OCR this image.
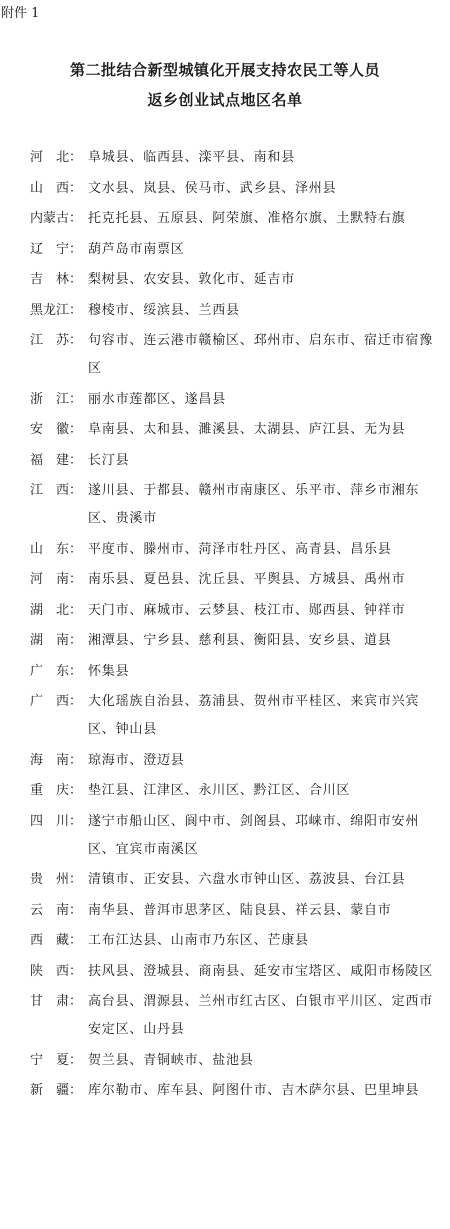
附件 1
第二批结合新型城镇化开展支持农民工等人员
返乡创业试点地区名单
河　北： 阜城县、临西县、滦平县、南和县
山　西： 文水县、岚县、侯马市、武乡县、泽州县
内蒙古： 托克托县、五原县、阿荣旗、准格尔旗、土默特右旗
辽　宁： 葫芦岛市南票区
吉　林： 梨树县、农安县、敦化市、延吉市
黑龙江： 穆棱市、绥滨县、兰西县
江　苏： 句容市、连云港市赣榆区、邳州市、启东市、宿迁市宿豫区
浙　江： 丽水市莲都区、遂昌县
安　徽： 阜南县、太和县、濉溪县、太湖县、庐江县、无为县
福　建： 长汀县
江　西： 遂川县、于都县、赣州市南康区、乐平市、萍乡市湘东区、贵溪市
山　东： 平度市、滕州市、菏泽市牡丹区、高青县、昌乐县
河　南： 南乐县、夏邑县、沈丘县、平舆县、方城县、禹州市
湖　北： 天门市、麻城市、云梦县、枝江市、郧西县、钟祥市
湖　南： 湘潭县、宁乡县、慈利县、衡阳县、安乡县、道县
广　东： 怀集县
广　西： 大化瑶族自治县、荔浦县、贺州市平桂区、来宾市兴宾区、钟山县
海　南： 琼海市、澄迈县
重　庆： 垫江县、江津区、永川区、黔江区、合川区
四　川： 遂宁市船山区、阆中市、剑阁县、邛崃市、绵阳市安州区、宜宾市南溪区
贵　州： 清镇市、正安县、六盘水市钟山区、荔波县、台江县
云　南： 南华县、普洱市思茅区、陆良县、祥云县、蒙自市
西　藏： 工布江达县、山南市乃东区、芒康县
陕　西： 扶风县、澄城县、商南县、延安市宝塔区、咸阳市杨陵区
甘　肃： 高台县、渭源县、兰州市红古区、白银市平川区、定西市安定区、山丹县
宁　夏： 贺兰县、青铜峡市、盐池县
新　疆： 库尔勒市、库车县、阿图什市、吉木萨尔县、巴里坤县
